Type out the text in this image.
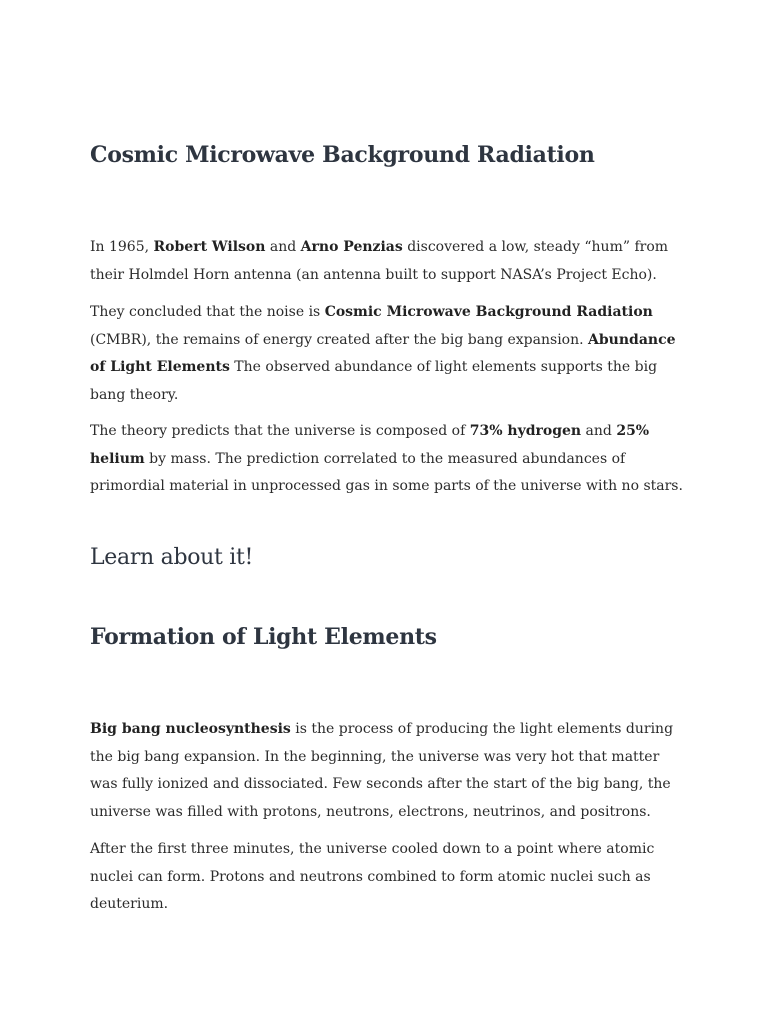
Cosmic Microwave Background Radiation

In 1965, Robert Wilson and Arno Penzias discovered a low, steady “hum” from their Holmdel Horn antenna (an antenna built to support NASA’s Project Echo).

They concluded that the noise is Cosmic Microwave Background Radiation (CMBR), the remains of energy created after the big bang expansion. Abundance of Light Elements The observed abundance of light elements supports the big bang theory.

The theory predicts that the universe is composed of 73% hydrogen and 25% helium by mass. The prediction correlated to the measured abundances of primordial material in unprocessed gas in some parts of the universe with no stars.

Learn about it!
Formation of Light Elements

Big bang nucleosynthesis is the process of producing the light elements during the big bang expansion. In the beginning, the universe was very hot that matter was fully ionized and dissociated. Few seconds after the start of the big bang, the universe was filled with protons, neutrons, electrons, neutrinos, and positrons.

After the first three minutes, the universe cooled down to a point where atomic nuclei can form. Protons and neutrons combined to form atomic nuclei such as deuterium.
